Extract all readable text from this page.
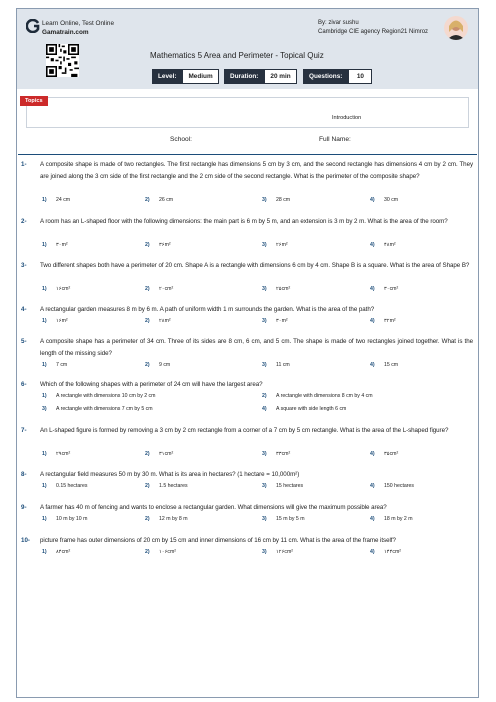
Learn Online, Test Online
Gamatrain.com
By: zivar sushu
Cambridge CIE agency Region21 Nimroz
Mathematics 5 Area and Perimeter - Topical Quiz
Level:	Medium	Duration:	20 min	Questions:	10
Topics
Introduction
School:	Full Name:
1- A composite shape is made of two rectangles. The first rectangle has dimensions 5 cm by 3 cm, and the second rectangle has dimensions 4 cm by 2 cm. They are joined along the 3 cm side of the first rectangle and the 2 cm side of the second rectangle. What is the perimeter of the composite shape?
1) 24 cm	2) 26 cm	3) 28 cm	4) 30 cm
2- A room has an L-shaped floor with the following dimensions: the main part is 6 m by 5 m, and an extension is 3 m by 2 m. What is the area of the room?
1) ۳۰m²	2) ۳۶m²	3) ۲۶m²	4) ۴۸m²
3- Two different shapes both have a perimeter of 20 cm. Shape A is a rectangle with dimensions 6 cm by 4 cm. Shape B is a square. What is the area of Shape B?
1) ۱۶cm²	2) ۲۰cm²	3) ۲۵cm²	4) ۳۰cm²
4- A rectangular garden measures 8 m by 6 m. A path of uniform width 1 m surrounds the garden. What is the area of the path?
1) ۱۶m²	2) ۲۸m²	3) ۳۰m²	4) ۳۲m²
5- A composite shape has a perimeter of 34 cm. Three of its sides are 8 cm, 6 cm, and 5 cm. The shape is made of two rectangles joined together. What is the length of the missing side?
1) 7 cm	2) 9 cm	3) 11 cm	4) 15 cm
6- Which of the following shapes with a perimeter of 24 cm will have the largest area?
1) A rectangle with dimensions 10 cm by 2 cm	2) A rectangle with dimensions 8 cm by 4 cm
3) A rectangle with dimensions 7 cm by 5 cm	4) A square with side length 6 cm
7- An L-shaped figure is formed by removing a 3 cm by 2 cm rectangle from a corner of a 7 cm by 5 cm rectangle. What is the area of the L-shaped figure?
1) ۲۹cm²	2) ۳۱cm²	3) ۳۳cm²	4) ۳۵cm²
8- A rectangular field measures 50 m by 30 m. What is its area in hectares? (1 hectare = 10,000m²)
1) 0.15 hectares	2) 1.5 hectares	3) 15 hectares	4) 150 hectares
9- A farmer has 40 m of fencing and wants to enclose a rectangular garden. What dimensions will give the maximum possible area?
1) 10 m by 10 m	2) 12 m by 8 m	3) 15 m by 5 m	4) 18 m by 2 m
10- picture frame has outer dimensions of 20 cm by 15 cm and inner dimensions of 16 cm by 11 cm. What is the area of the frame itself?
1) ۸۴cm²	2) ۱۰۶cm²	3) ۱۲۶cm²	4) ۱۴۴cm²
